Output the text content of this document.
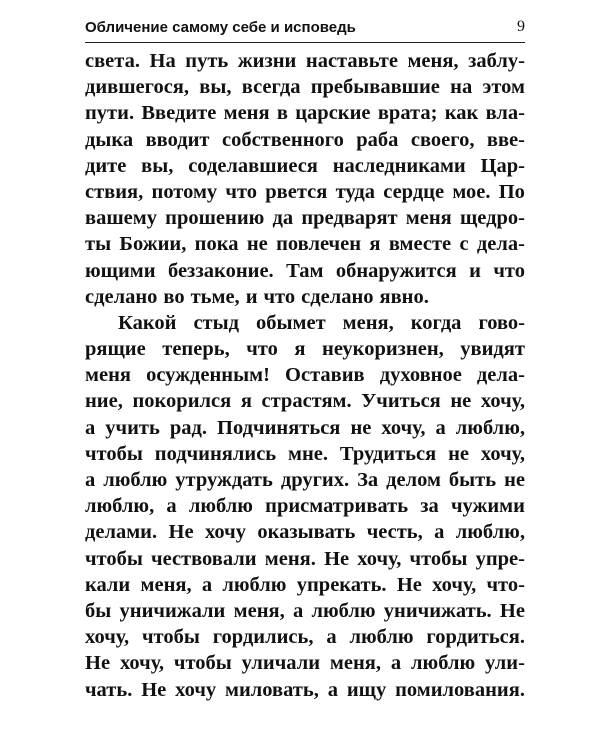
Обличение самому себе и исповедь	9
света. На путь жизни наставьте меня, заблу-
дившегося, вы, всегда пребывавшие на этом
пути. Введите меня в царские врата; как вла-
дыка вводит собственного раба своего, вве-
дите вы, соделавшиеся наследниками Цар-
ствия, потому что рвется туда сердце мое. По
вашему прошению да предварят меня щедро-
ты Божии, пока не повлечен я вместе с дела-
ющими беззаконие. Там обнаружится и что
сделано во тьме, и что сделано явно.
Какой стыд обымет меня, когда гово-
рящие теперь, что я неукоризнен, увидят
меня осужденным! Оставив духовное дела-
ние, покорился я страстям. Учиться не хочу,
а учить рад. Подчиняться не хочу, а люблю,
чтобы подчинялись мне. Трудиться не хочу,
а люблю утруждать других. За делом быть не
люблю, а люблю присматривать за чужими
делами. Не хочу оказывать честь, а люблю,
чтобы чествовали меня. Не хочу, чтобы упре-
кали меня, а люблю упрекать. Не хочу, что-
бы уничижали меня, а люблю уничижать. Не
хочу, чтобы гордились, а люблю гордиться.
Не хочу, чтобы уличали меня, а люблю ули-
чать. Не хочу миловать, а ищу помилования.
